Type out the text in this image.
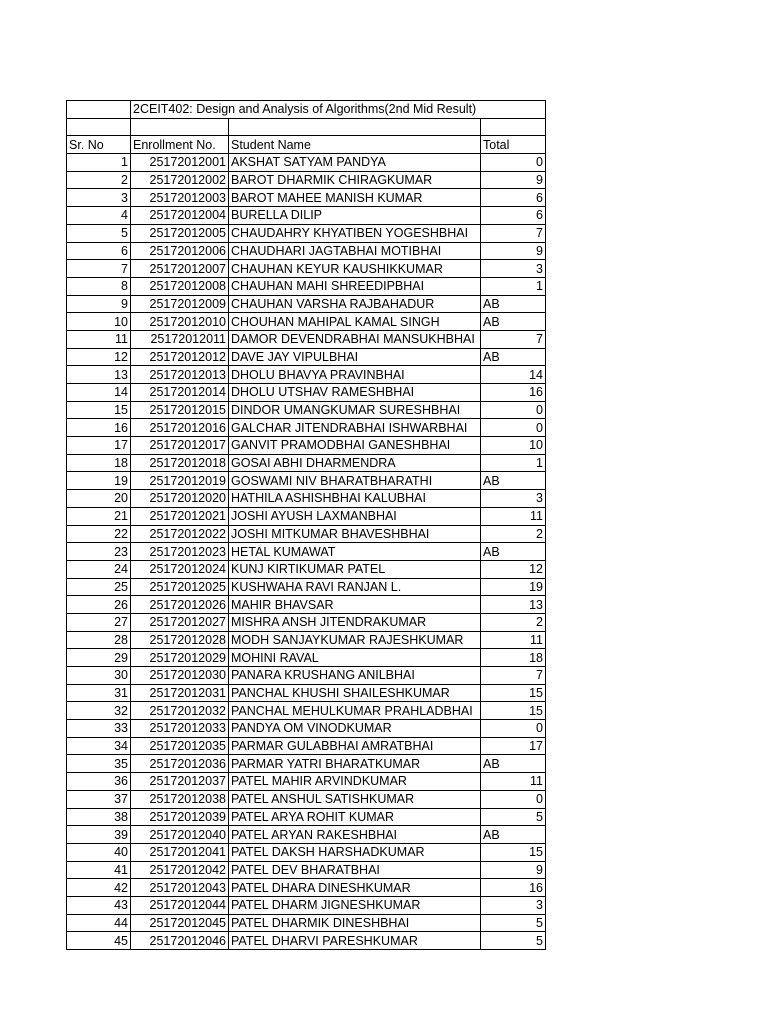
	2CEIT402: Design and Analysis of Algorithms(2nd Mid Result)		

Sr. No	Enrollment No.	Student Name	Total
1	25172012001	AKSHAT SATYAM PANDYA	0
2	25172012002	BAROT DHARMIK CHIRAGKUMAR	9
3	25172012003	BAROT MAHEE MANISH KUMAR	6
4	25172012004	BURELLA DILIP	6
5	25172012005	CHAUDAHRY KHYATIBEN YOGESHBHAI	7
6	25172012006	CHAUDHARI JAGTABHAI MOTIBHAI	9
7	25172012007	CHAUHAN KEYUR KAUSHIKKUMAR	3
8	25172012008	CHAUHAN MAHI SHREEDIPBHAI	1
9	25172012009	CHAUHAN VARSHA RAJBAHADUR	AB
10	25172012010	CHOUHAN MAHIPAL KAMAL SINGH	AB
11	25172012011	DAMOR DEVENDRABHAI MANSUKHBHAI	7
12	25172012012	DAVE JAY VIPULBHAI	AB
13	25172012013	DHOLU BHAVYA PRAVINBHAI	14
14	25172012014	DHOLU UTSHAV RAMESHBHAI	16
15	25172012015	DINDOR UMANGKUMAR SURESHBHAI	0
16	25172012016	GALCHAR JITENDRABHAI ISHWARBHAI	0
17	25172012017	GANVIT PRAMODBHAI GANESHBHAI	10
18	25172012018	GOSAI ABHI DHARMENDRA	1
19	25172012019	GOSWAMI NIV BHARATBHARATHI	AB
20	25172012020	HATHILA ASHISHBHAI KALUBHAI	3
21	25172012021	JOSHI AYUSH LAXMANBHAI	11
22	25172012022	JOSHI MITKUMAR BHAVESHBHAI	2
23	25172012023	HETAL KUMAWAT	AB
24	25172012024	KUNJ KIRTIKUMAR PATEL	12
25	25172012025	KUSHWAHA RAVI RANJAN L.	19
26	25172012026	MAHIR BHAVSAR	13
27	25172012027	MISHRA ANSH JITENDRAKUMAR	2
28	25172012028	MODH SANJAYKUMAR RAJESHKUMAR	11
29	25172012029	MOHINI RAVAL	18
30	25172012030	PANARA KRUSHANG ANILBHAI	7
31	25172012031	PANCHAL KHUSHI SHAILESHKUMAR	15
32	25172012032	PANCHAL MEHULKUMAR PRAHLADBHAI	15
33	25172012033	PANDYA OM VINODKUMAR	0
34	25172012035	PARMAR GULABBHAI AMRATBHAI	17
35	25172012036	PARMAR YATRI BHARATKUMAR	AB
36	25172012037	PATEL MAHIR ARVINDKUMAR	11
37	25172012038	PATEL ANSHUL SATISHKUMAR	0
38	25172012039	PATEL ARYA ROHIT KUMAR	5
39	25172012040	PATEL ARYAN RAKESHBHAI	AB
40	25172012041	PATEL DAKSH HARSHADKUMAR	15
41	25172012042	PATEL DEV BHARATBHAI	9
42	25172012043	PATEL DHARA DINESHKUMAR	16
43	25172012044	PATEL DHARM JIGNESHKUMAR	3
44	25172012045	PATEL DHARMIK DINESHBHAI	5
45	25172012046	PATEL DHARVI PARESHKUMAR	5
